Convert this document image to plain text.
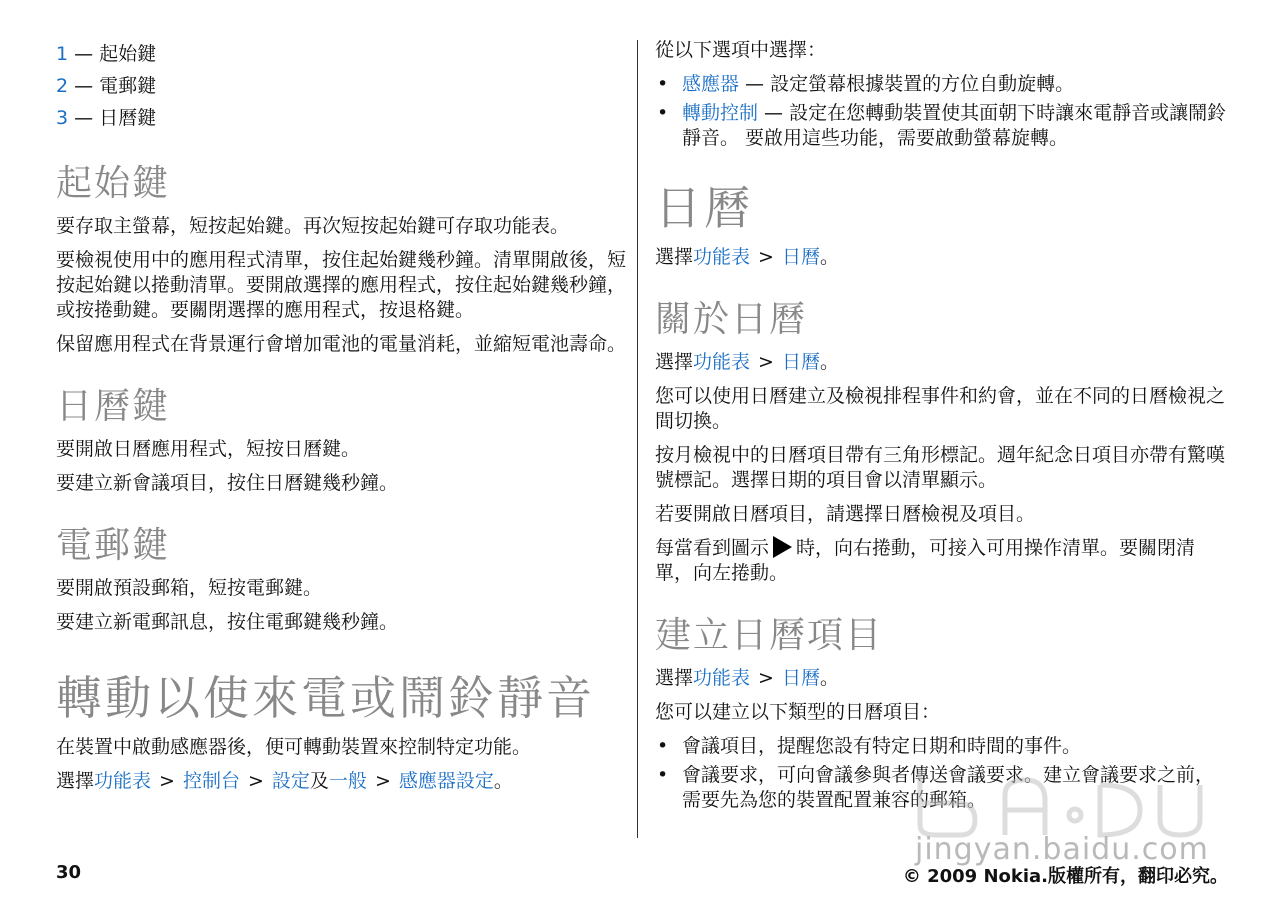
1 — 起始鍵
2 — 電郵鍵
3 — 日曆鍵
起始鍵

要存取主螢幕，短按起始鍵。再次短按起始鍵可存取功能表。

要檢視使用中的應用程式清單，按住起始鍵幾秒鐘。清單開啟後，短按起始鍵以捲動清單。要開啟選擇的應用程式，按住起始鍵幾秒鐘，或按捲動鍵。要關閉選擇的應用程式，按退格鍵。

保留應用程式在背景運行會增加電池的電量消耗，並縮短電池壽命。

日曆鍵

要開啟日曆應用程式，短按日曆鍵。

要建立新會議項目，按住日曆鍵幾秒鐘。

電郵鍵

要開啟預設郵箱，短按電郵鍵。

要建立新電郵訊息，按住電郵鍵幾秒鐘。

轉動以使來電或鬧鈴靜音

在裝置中啟動感應器後，便可轉動裝置來控制特定功能。

選擇功能表 > 控制台 > 設定及一般 > 感應器設定。

從以下選項中選擇：

• 感應器 — 設定螢幕根據裝置的方位自動旋轉。
• 轉動控制 — 設定在您轉動裝置使其面朝下時讓來電靜音或讓鬧鈴靜音。 要啟用這些功能，需要啟動螢幕旋轉。
日曆

選擇功能表 > 日曆。

關於日曆

選擇功能表 > 日曆。

您可以使用日曆建立及檢視排程事件和約會，並在不同的日曆檢視之間切換。

按月檢視中的日曆項目帶有三角形標記。週年紀念日項目亦帶有驚嘆號標記。選擇日期的項目會以清單顯示。

若要開啟日曆項目，請選擇日曆檢視及項目。

每當看到圖示 時，向右捲動，可接入可用操作清單。要關閉清單，向左捲動。

建立日曆項目

選擇功能表 > 日曆。

您可以建立以下類型的日曆項目：

• 會議項目，提醒您設有特定日期和時間的事件。
• 會議要求，可向會議參與者傳送會議要求。建立會議要求之前，需要先為您的裝置配置兼容的郵箱。
jingyan.baidu.com
30	© 2009 Nokia.版權所有，翻印必究。
